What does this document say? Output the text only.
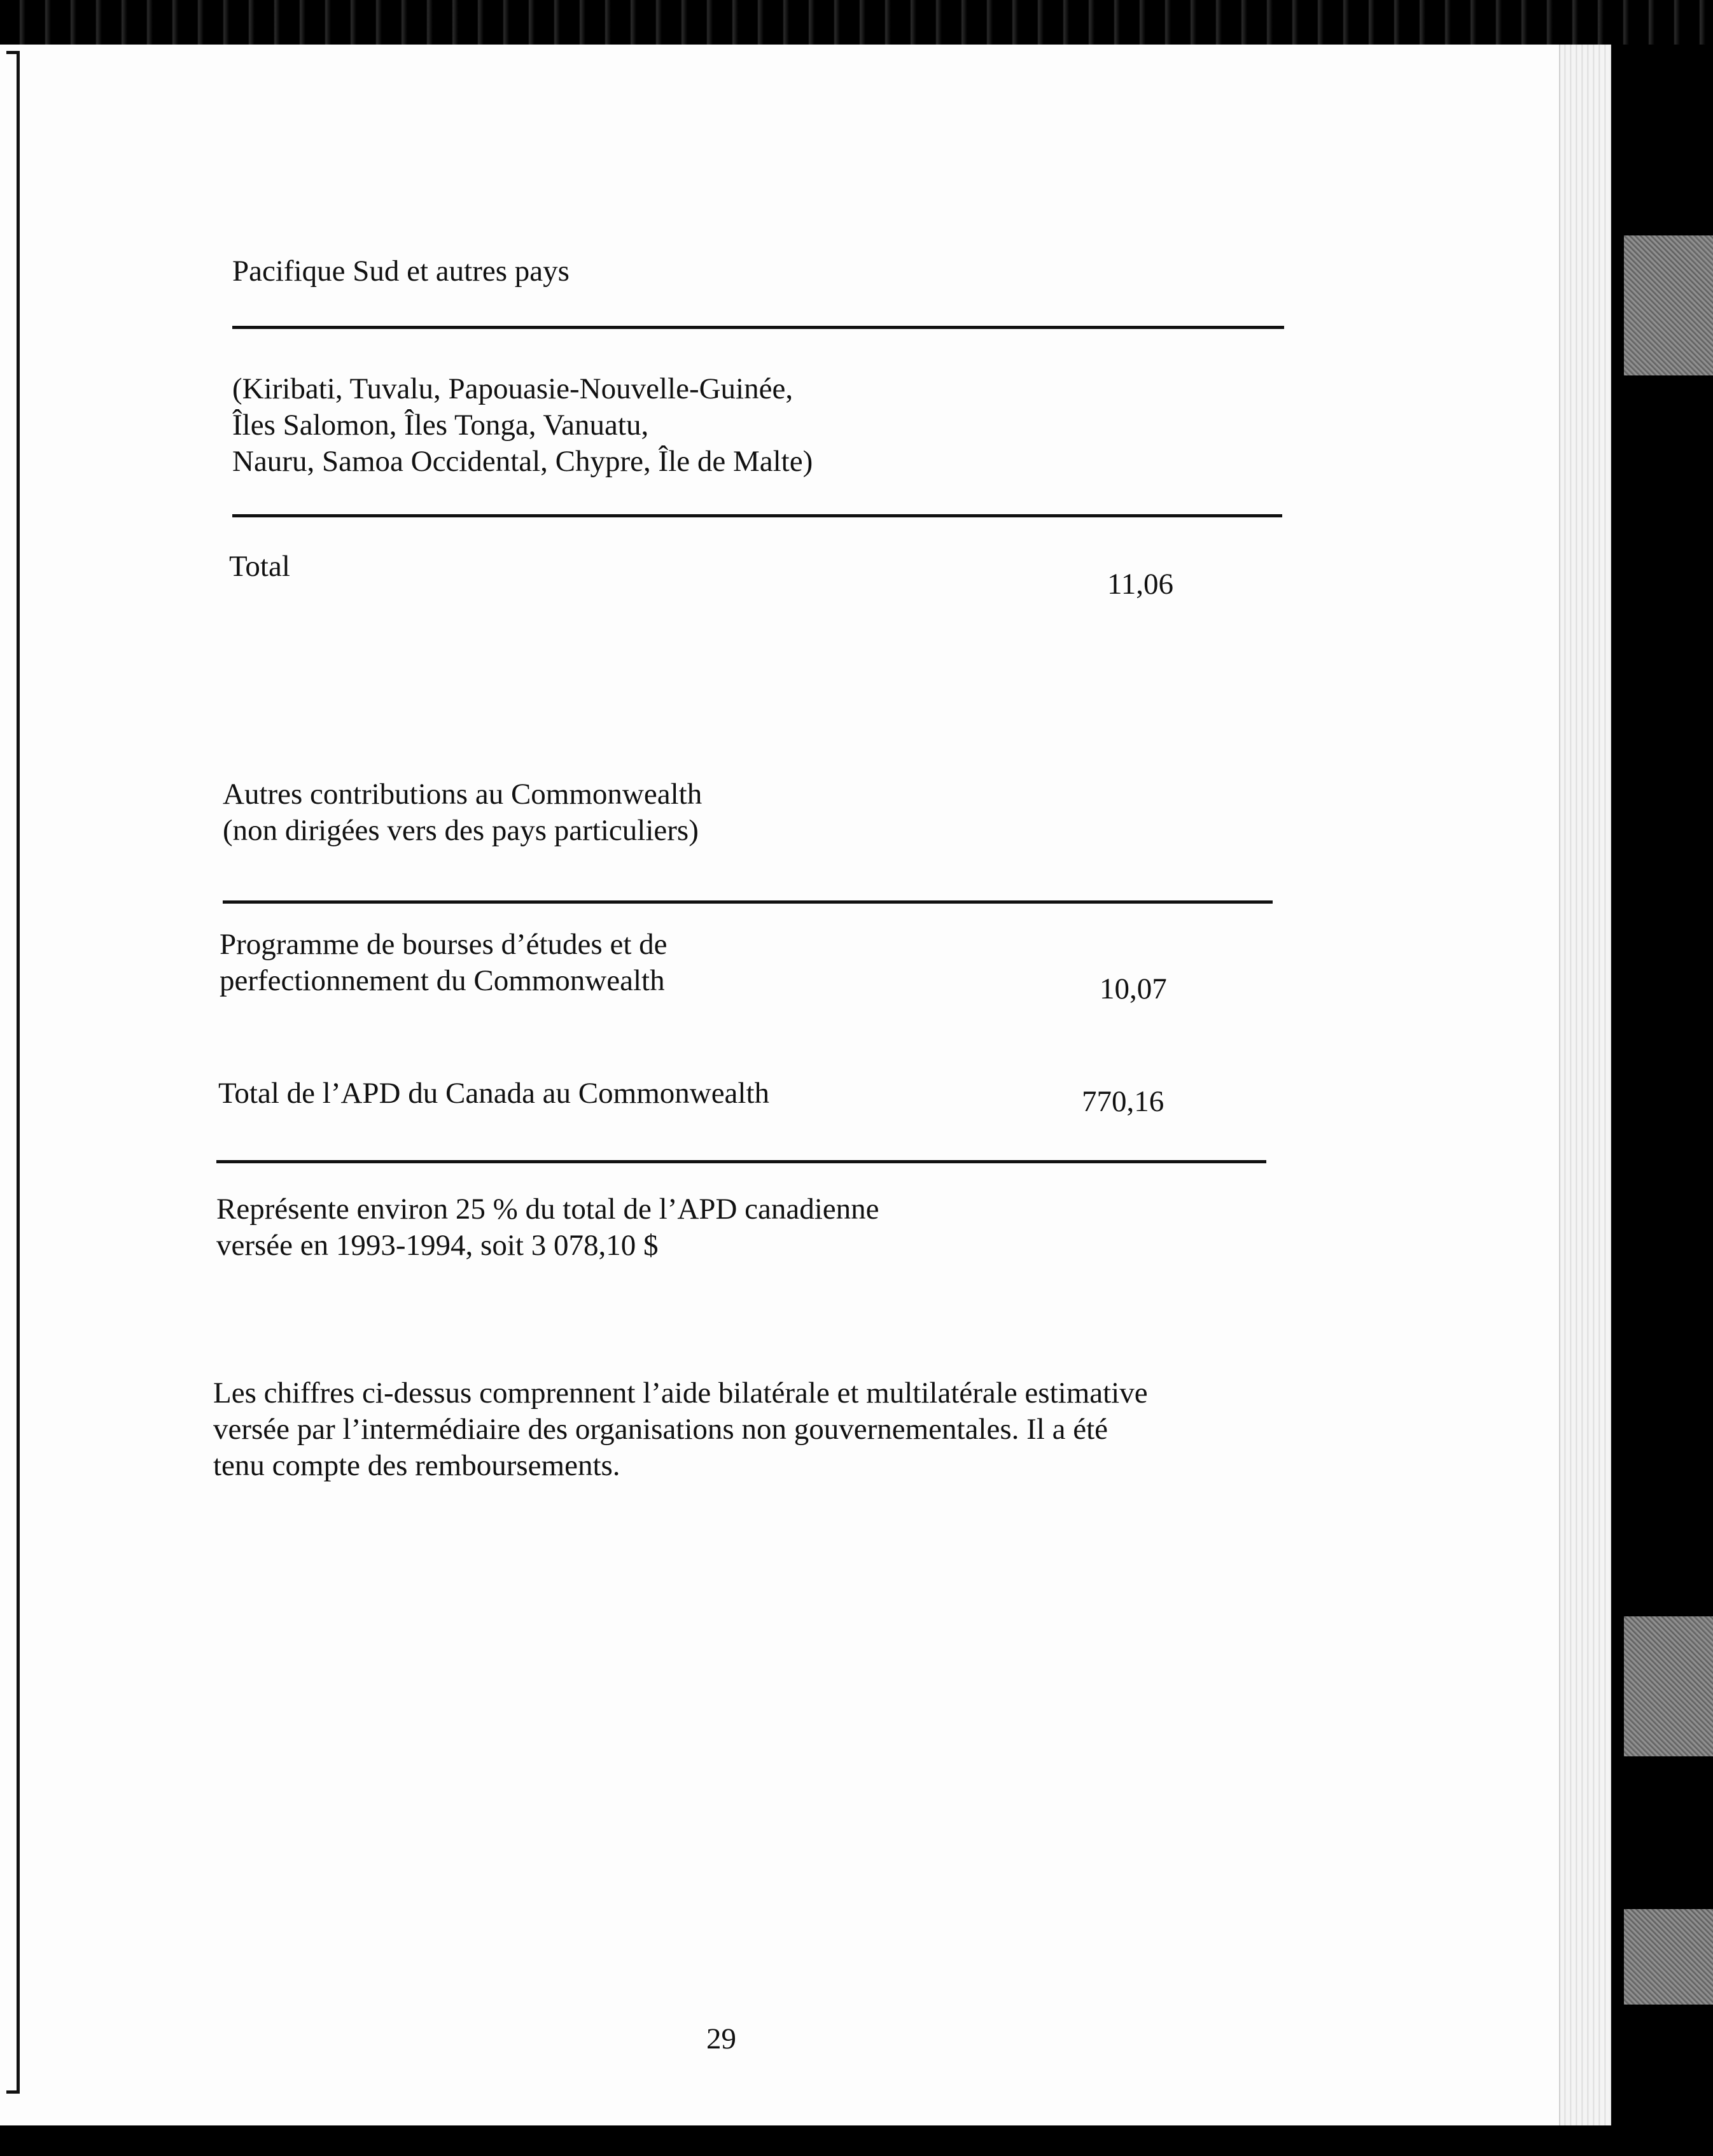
Pacifique Sud et autres pays
(Kiribati, Tuvalu, Papouasie-Nouvelle-Guinée,
Îles Salomon, Îles Tonga, Vanuatu,
Nauru, Samoa Occidental, Chypre, Île de Malte)
Total
11,06
Autres contributions au Commonwealth
(non dirigées vers des pays particuliers)
Programme de bourses d’études et de
perfectionnement du Commonwealth	10,07
Total de l’APD du Canada au Commonwealth	770,16
Représente environ 25 % du total de l’APD canadienne
versée en 1993-1994, soit 3 078,10 $
Les chiffres ci-dessus comprennent l’aide bilatérale et multilatérale estimative
versée par l’intermédiaire des organisations non gouvernementales. Il a été
tenu compte des remboursements.
29
